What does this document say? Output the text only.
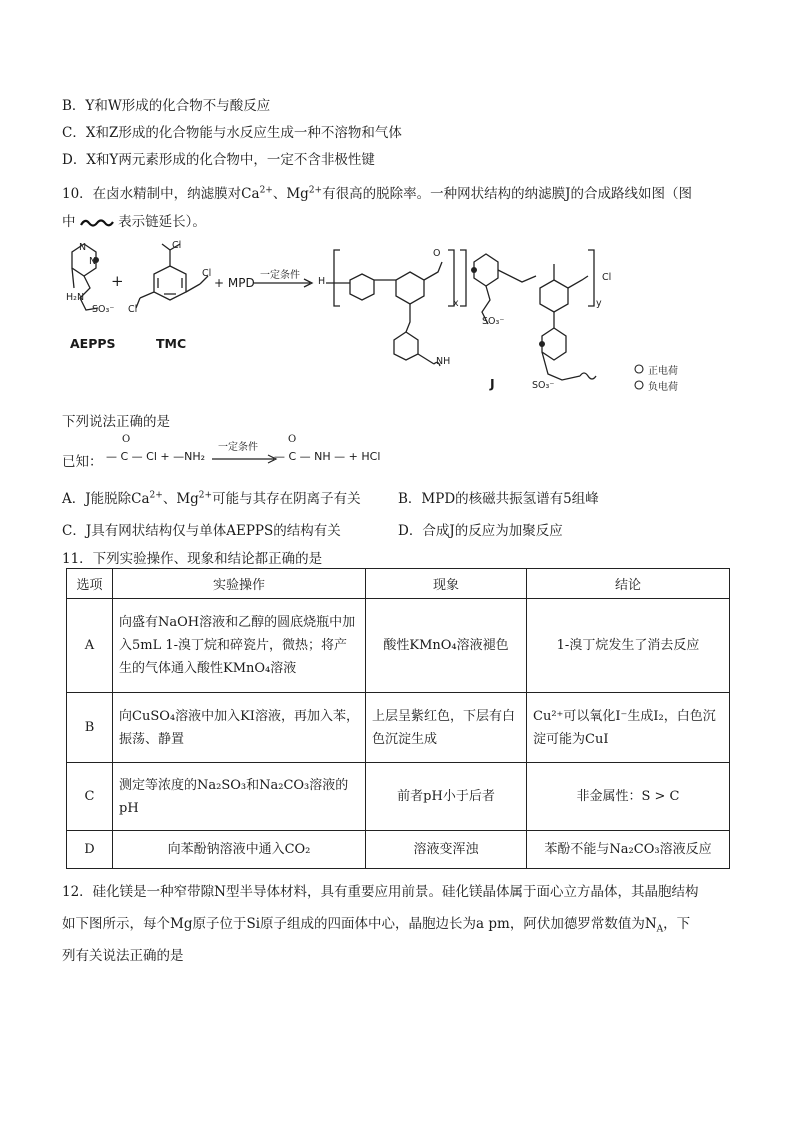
B．Y和W形成的化合物不与酸反应
C．X和Z形成的化合物能与水反应生成一种不溶物和气体
D．X和Y两元素形成的化合物中，一定不含非极性键
10．在卤水精制中，纳滤膜对$Ca^{2+}$、$Mg^{2+}$有很高的脱除率。一种网状结构的纳滤膜J的合成路线如图（图
中	表示链延长）。
N
N
H₂N
SO₃⁻
Cl
Cl
Cl
+	+ MPD
一定条件
H
O
x	y
Cl
SO₃⁻
SO₃⁻
NH
AEPPS	TMC
J
正电荷
负电荷
下列说法正确的是
已知： — C — Cl + —NH₂
O
一定条件
O
— C — NH — + HCl
A．J能脱除$Ca^{2+}$、$Mg^{2+}$可能与其存在阴离子有关	B．MPD的核磁共振氢谱有5组峰
C．J具有网状结构仅与单体AEPPS的结构有关	D．合成J的反应为加聚反应
11．下列实验操作、现象和结论都正确的是
选项	实验操作	现象	结论
A	向盛有NaOH溶液和乙醇的圆底烧瓶中加入5mL 1-溴丁烷和碎瓷片，微热；将产生的气体通入酸性KMnO₄溶液	酸性KMnO₄溶液褪色	1-溴丁烷发生了消去反应
B	向CuSO₄溶液中加入KI溶液，再加入苯，振荡、静置	上层呈紫红色，下层有白色沉淀生成	Cu²⁺可以氧化I⁻生成I₂，白色沉淀可能为CuI
C	测定等浓度的Na₂SO₃和Na₂CO₃溶液的pH	前者pH小于后者	非金属性：S > C
D	向苯酚钠溶液中通入CO₂	溶液变浑浊	苯酚不能与Na₂CO₃溶液反应
12．硅化镁是一种窄带隙N型半导体材料，具有重要应用前景。硅化镁晶体属于面心立方晶体，其晶胞结构
如下图所示，每个Mg原子位于Si原子组成的四面体中心，晶胞边长为a pm，阿伏加德罗常数值为$N_A$，下
列有关说法正确的是
